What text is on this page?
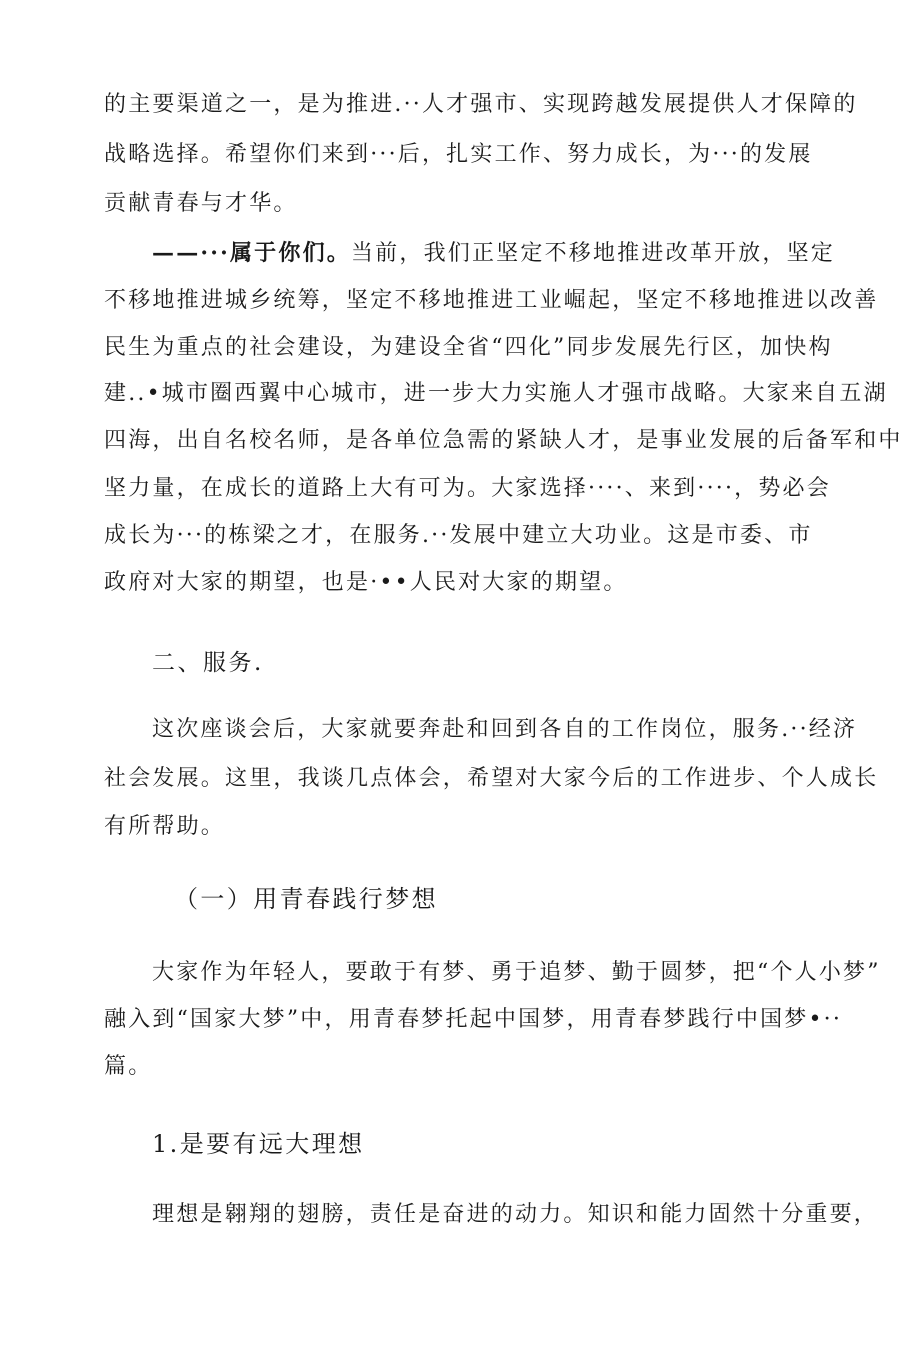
的主要渠道之一，是为推进.··人才强市、实现跨越发展提供人才保障的
战略选择。希望你们来到···后，扎实工作、努力成长，为···的发展
贡献青春与才华。
——···属于你们。当前，我们正坚定不移地推进改革开放，坚定
不移地推进城乡统筹，坚定不移地推进工业崛起，坚定不移地推进以改善
民生为重点的社会建设，为建设全省“四化”同步发展先行区，加快构
建..•城市圈西翼中心城市，进一步大力实施人才强市战略。大家来自五湖
四海，出自名校名师，是各单位急需的紧缺人才，是事业发展的后备军和中
坚力量，在成长的道路上大有可为。大家选择····、来到····，势必会
成长为···的栋梁之才，在服务.··发展中建立大功业。这是市委、市
政府对大家的期望，也是·••人民对大家的期望。
二、服务.
这次座谈会后，大家就要奔赴和回到各自的工作岗位，服务.··经济
社会发展。这里，我谈几点体会，希望对大家今后的工作进步、个人成长
有所帮助。
（一）用青春践行梦想
大家作为年轻人，要敢于有梦、勇于追梦、勤于圆梦，把“个人小梦”
融入到“国家大梦”中，用青春梦托起中国梦，用青春梦践行中国梦•··
篇。
1.是要有远大理想
理想是翱翔的翅膀，责任是奋进的动力。知识和能力固然十分重要，
